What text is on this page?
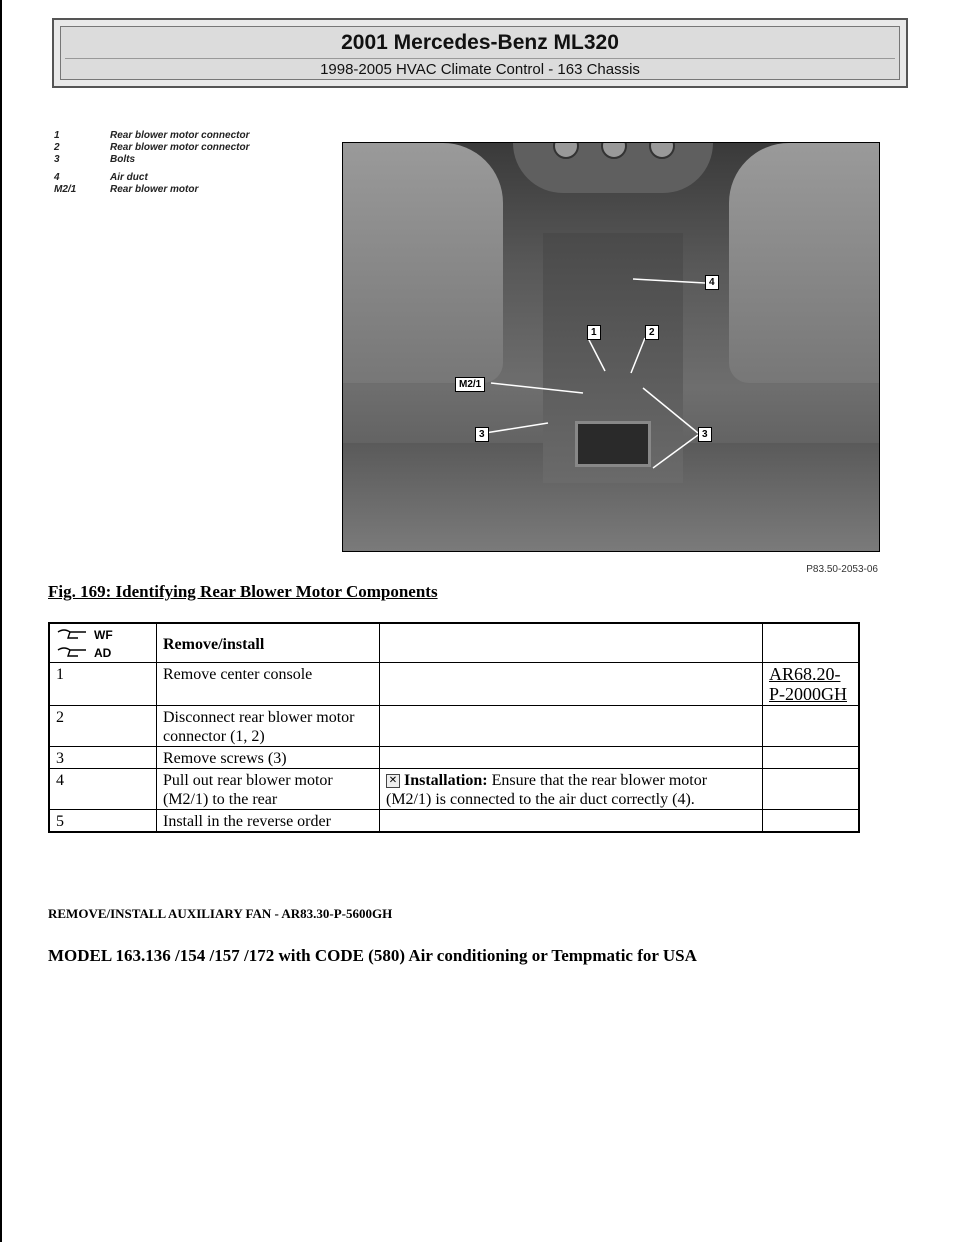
2001 Mercedes-Benz ML320
1998-2005 HVAC Climate Control - 163 Chassis
1	Rear blower motor connector
2	Rear blower motor connector
3	Bolts
4	Air duct
M2/1	Rear blower motor
4
1	2
M2/1
3	3
P83.50-2053-06
Fig. 169: Identifying Rear Blower Motor Components
WF
AD	Remove/install		
1	Remove center console		AR68.20-P-2000GH
2	Disconnect rear blower motor connector (1, 2)		
3	Remove screws (3)		
4	Pull out rear blower motor (M2/1) to the rear	✕ Installation: Ensure that the rear blower motor (M2/1) is connected to the air duct correctly (4).	
5	Install in the reverse order		
REMOVE/INSTALL AUXILIARY FAN - AR83.30-P-5600GH
MODEL 163.136 /154 /157 /172 with CODE (580) Air conditioning or Tempmatic for USA
